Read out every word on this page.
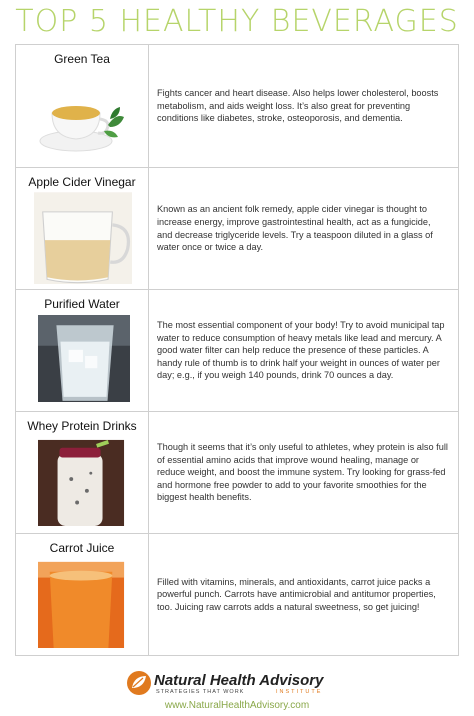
TOP 5 HEALTHY BEVERAGES
Green Tea
Fights cancer and heart disease. Also helps lower cholesterol, boosts metabolism, and aids weight loss. It’s also great for preventing conditions like diabetes, stroke, osteoporosis, and dementia.
Apple Cider Vinegar
Known as an ancient folk remedy, apple cider vinegar is thought to increase energy, improve gastrointestinal health, act as a fungicide, and decrease triglyceride levels. Try a teaspoon diluted in a glass of water once or twice a day.
Purified Water
The most essential component of your body! Try to avoid municipal tap water to reduce consumption of heavy metals like lead and mercury. A good water filter can help reduce the presence of these particles. A handy rule of thumb is to drink half your weight in ounces of water per day; e.g., if you weigh 140 pounds, drink 70 ounces a day.
Whey Protein Drinks
Though it seems that it’s only useful to athletes, whey protein is also full of essential amino acids that improve wound healing, manage or reduce weight, and boost the immune system. Try looking for grass-fed and hormone free powder to add to your favorite smoothies for the biggest health benefits.
Carrot Juice
Filled with vitamins, minerals, and antioxidants, carrot juice packs a powerful punch. Carrots have antimicrobial and antitumor properties, too. Juicing raw carrots adds a natural sweetness, so get juicing!
Natural Health Advisory
STRATEGIES THAT WORK	INSTITUTE
www.NaturalHealthAdvisory.com
